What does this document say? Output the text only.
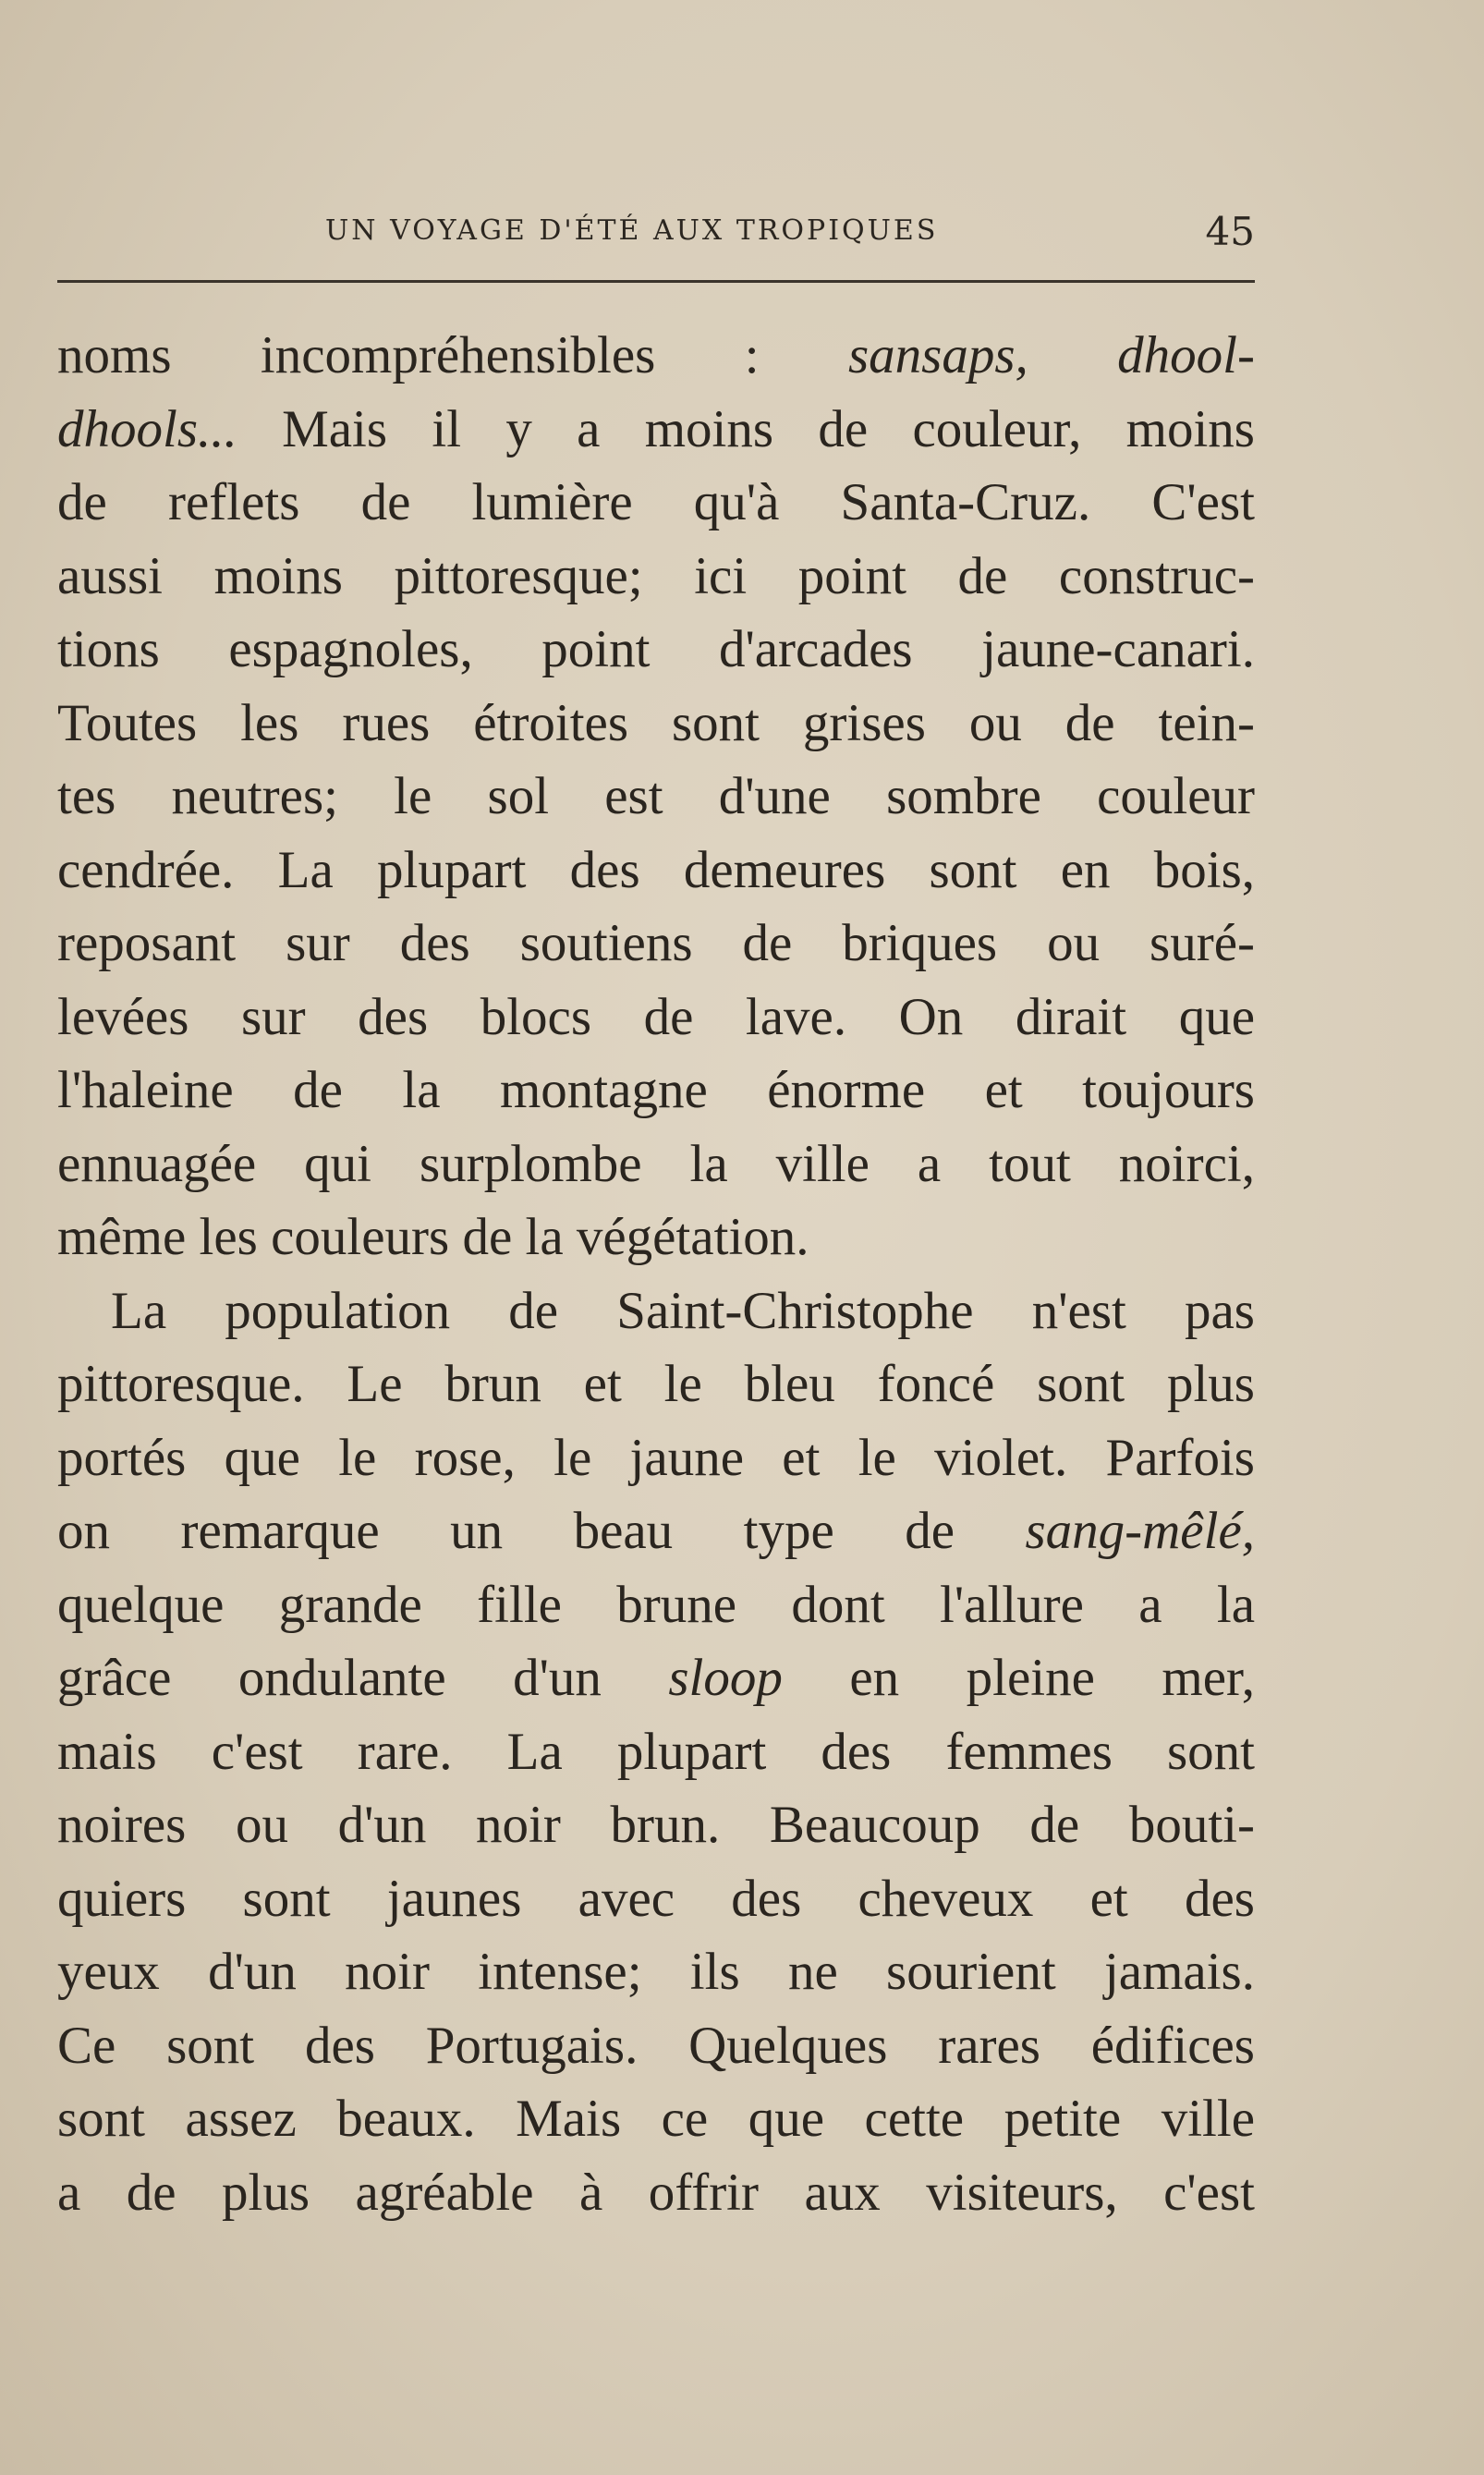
UN VOYAGE D'ÉTÉ AUX TROPIQUES	45
noms incompréhensibles : sansaps, dhool-
dhools... Mais il y a moins de couleur, moins
de reflets de lumière qu'à Santa-Cruz. C'est
aussi moins pittoresque; ici point de construc-
tions espagnoles, point d'arcades jaune-canari.
Toutes les rues étroites sont grises ou de tein-
tes neutres; le sol est d'une sombre couleur
cendrée. La plupart des demeures sont en bois,
reposant sur des soutiens de briques ou suré-
levées sur des blocs de lave. On dirait que
l'haleine de la montagne énorme et toujours
ennuagée qui surplombe la ville a tout noirci,
même les couleurs de la végétation.
La population de Saint-Christophe n'est pas
pittoresque. Le brun et le bleu foncé sont plus
portés que le rose, le jaune et le violet. Parfois
on remarque un beau type de sang-mêlé,
quelque grande fille brune dont l'allure a la
grâce ondulante d'un sloop en pleine mer,
mais c'est rare. La plupart des femmes sont
noires ou d'un noir brun. Beaucoup de bouti-
quiers sont jaunes avec des cheveux et des
yeux d'un noir intense; ils ne sourient jamais.
Ce sont des Portugais. Quelques rares édifices
sont assez beaux. Mais ce que cette petite ville
a de plus agréable à offrir aux visiteurs, c'est
